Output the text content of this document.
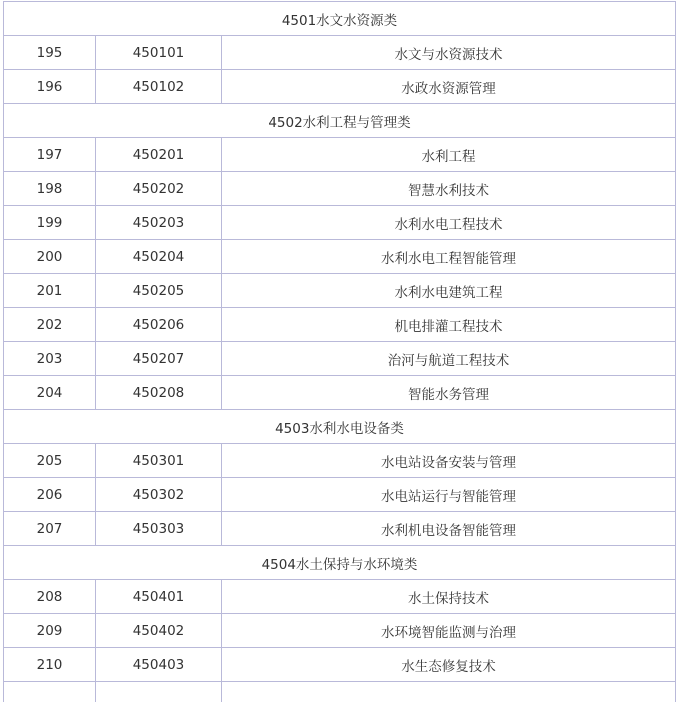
4501水文水资源类		
195	450101	水文与水资源技术
196	450102	水政水资源管理
4502水利工程与管理类		
197	450201	水利工程
198	450202	智慧水利技术
199	450203	水利水电工程技术
200	450204	水利水电工程智能管理
201	450205	水利水电建筑工程
202	450206	机电排灌工程技术
203	450207	治河与航道工程技术
204	450208	智能水务管理
4503水利水电设备类		
205	450301	水电站设备安装与管理
206	450302	水电站运行与智能管理
207	450303	水利机电设备智能管理
4504水土保持与水环境类		
208	450401	水土保持技术
209	450402	水环境智能监测与治理
210	450403	水生态修复技术
